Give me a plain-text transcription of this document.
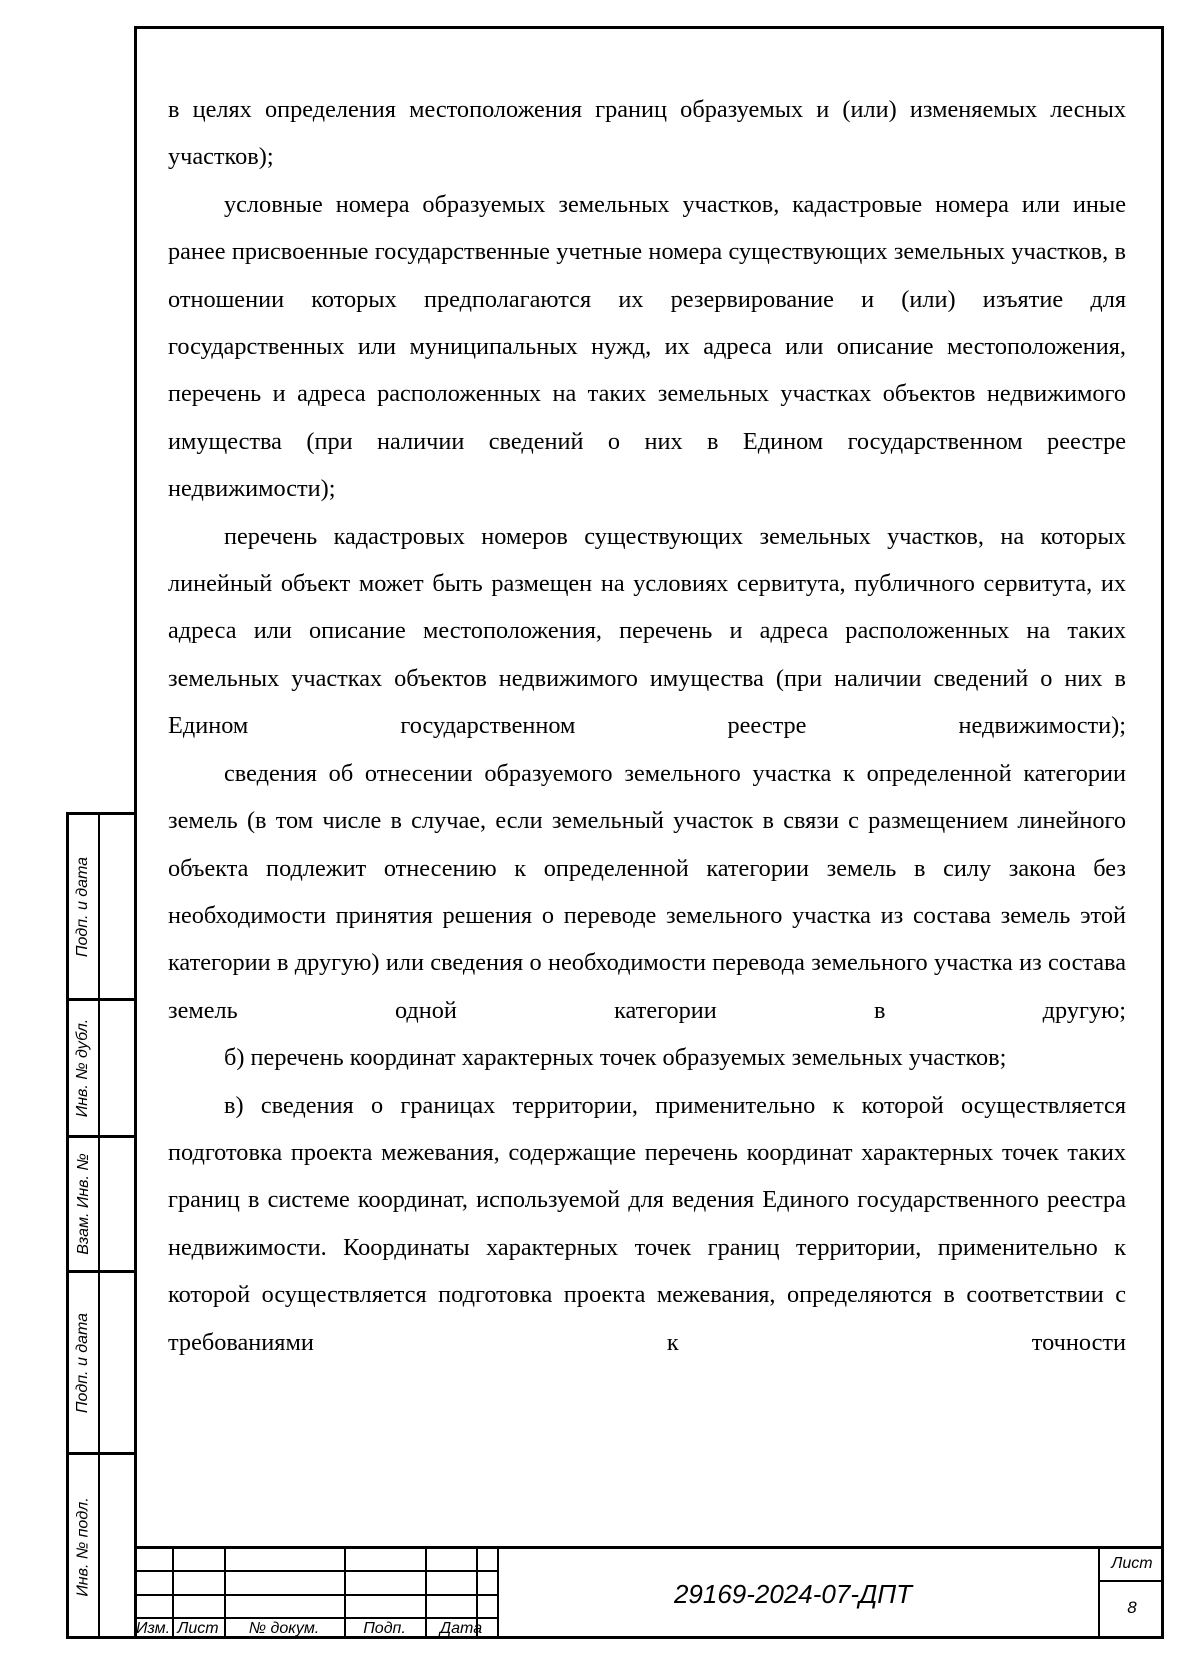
в целях определения местоположения границ образуемых и (или) изменяемых лесных участков);

условные номера образуемых земельных участков, кадастровые номера или иные ранее присвоенные государственные учетные номера существующих земельных участков, в отношении которых предполагаются их резервирование и (или) изъятие для государственных или муниципальных нужд, их адреса или описание местоположения, перечень и адреса расположенных на таких земельных участках объектов недвижимого имущества (при наличии сведений о них в Едином государственном реестре недвижимости);

перечень кадастровых номеров существующих земельных участков, на которых линейный объект может быть размещен на условиях сервитута, публичного сервитута, их адреса или описание местоположения, перечень и адреса расположенных на таких земельных участках объектов недвижимого имущества (при наличии сведений о них в Едином государственном реестре недвижимости);

сведения об отнесении образуемого земельного участка к определенной категории земель (в том числе в случае, если земельный участок в связи с размещением линейного объекта подлежит отнесению к определенной категории земель в силу закона без необходимости принятия решения о переводе земельного участка из состава земель этой категории в другую) или сведения о необходимости перевода земельного участка из состава земель одной категории в другую;

б) перечень координат характерных точек образуемых земельных участков;

в) сведения о границах территории, применительно к которой осуществляется подготовка проекта межевания, содержащие перечень координат характерных точек таких границ в системе координат, используемой для ведения Единого государственного реестра недвижимости. Координаты характерных точек границ территории, применительно к которой осуществляется подготовка проекта межевания, определяются в соответствии с требованиями к точности

Подп. и дата
Инв. № дубл.
Взам. Инв. №
Подп. и дата
Инв. № подл.
Изм. Лист	№ докум.	Подп.	Дата
29169-2024-07-ДПТ
Лист
8
